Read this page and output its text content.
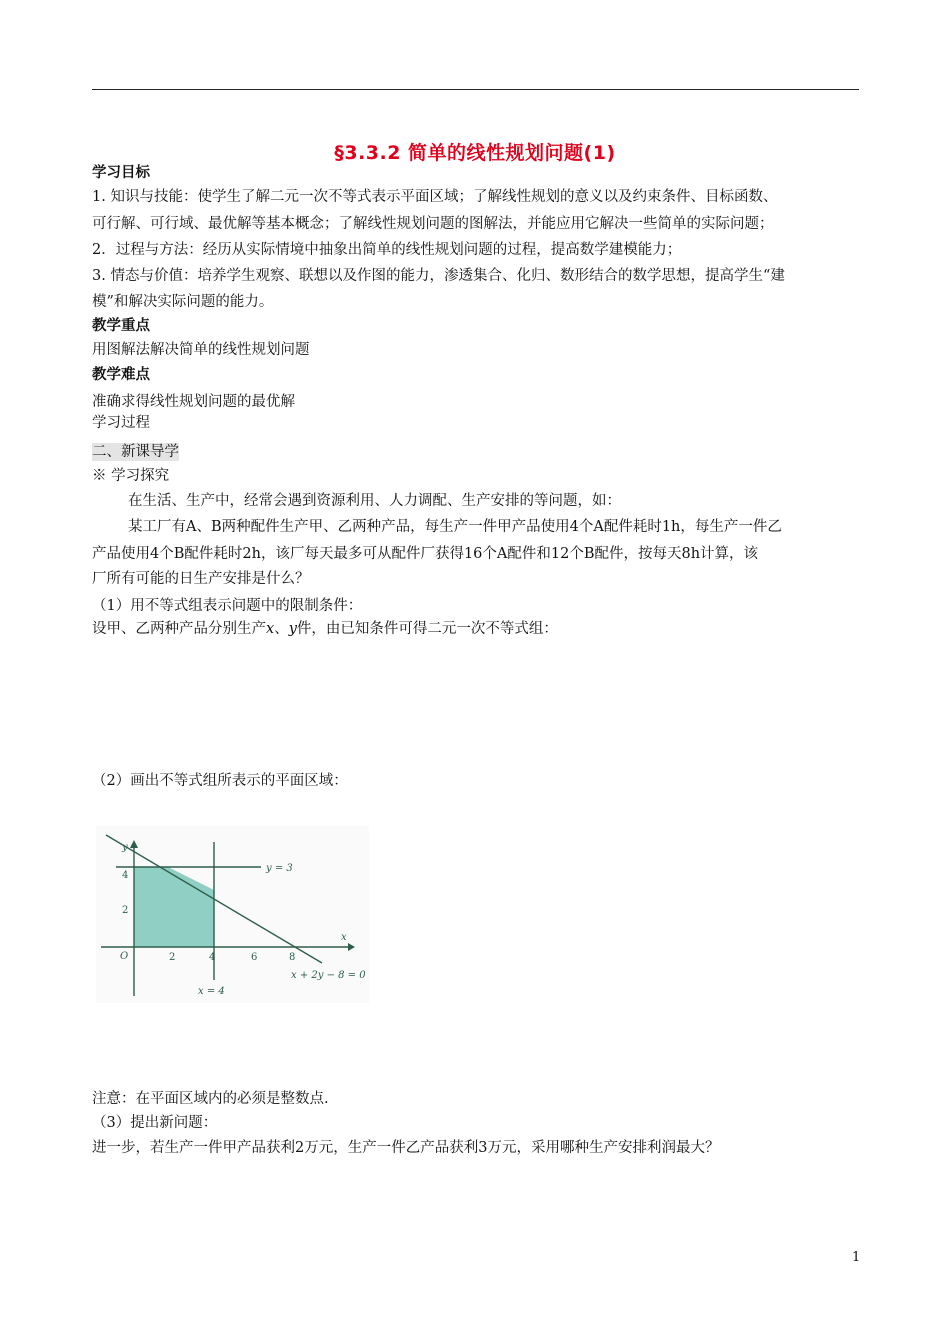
§3.3.2 简单的线性规划问题(1)
学习目标
1. 知识与技能：使学生了解二元一次不等式表示平面区域；了解线性规划的意义以及约束条件、目标函数、
可行解、可行域、最优解等基本概念；了解线性规划问题的图解法，并能应用它解决一些简单的实际问题；
2．过程与方法：经历从实际情境中抽象出简单的线性规划问题的过程，提高数学建模能力；
3. 情态与价值：培养学生观察、联想以及作图的能力，渗透集合、化归、数形结合的数学思想，提高学生“建
模”和解决实际问题的能力。
教学重点
用图解法解决简单的线性规划问题
教学难点
准确求得线性规划问题的最优解
学习过程
二、新课导学
※ 学习探究
在生活、生产中，经常会遇到资源利用、人力调配、生产安排的等问题，如：
某工厂有A、B两种配件生产甲、乙两种产品，每生产一件甲产品使用4个A配件耗时1h，每生产一件乙
产品使用4个B配件耗时2h，该厂每天最多可从配件厂获得16个A配件和12个B配件，按每天8h计算，该
厂所有可能的日生产安排是什么？
（1）用不等式组表示问题中的限制条件：
设甲、乙两种产品分别生产x、y件，由已知条件可得二元一次不等式组：
（2）画出不等式组所表示的平面区域：
y
x
O	2	4	6	8
2
4
y = 3
x = 4
x + 2y − 8 = 0
注意：在平面区域内的必须是整数点.
（3）提出新问题：
进一步，若生产一件甲产品获利2万元，生产一件乙产品获利3万元，采用哪种生产安排利润最大？
1
